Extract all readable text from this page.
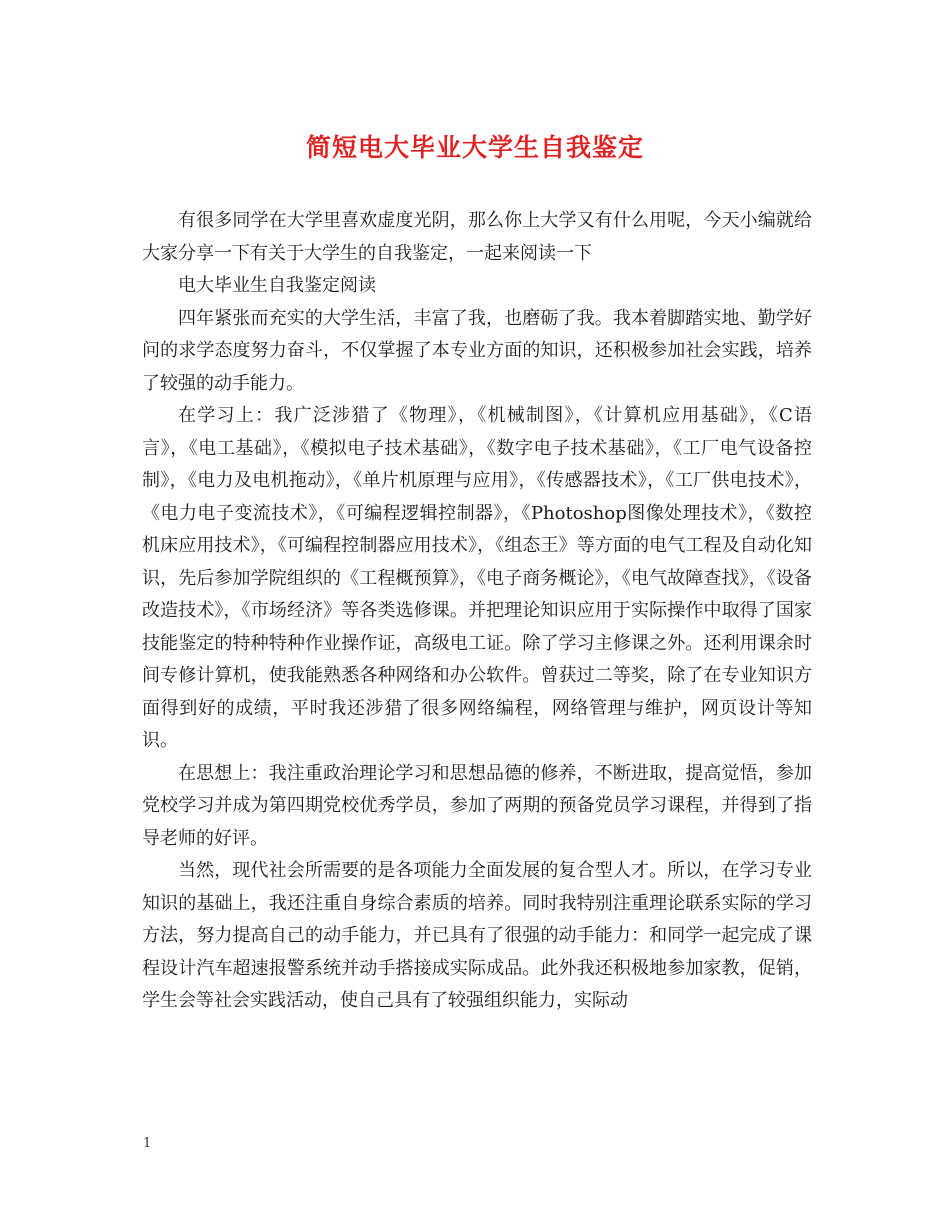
简短电大毕业大学生自我鉴定

有很多同学在大学里喜欢虚度光阴，那么你上大学又有什么用呢，今天小编就给大家分享一下有关于大学生的自我鉴定，一起来阅读一下

电大毕业生自我鉴定阅读

四年紧张而充实的大学生活，丰富了我，也磨砺了我。我本着脚踏实地、勤学好问的求学态度努力奋斗，不仅掌握了本专业方面的知识，还积极参加社会实践，培养了较强的动手能力。

在学习上：我广泛涉猎了《物理》，《机械制图》，《计算机应用基础》，《C语言》，《电工基础》，《模拟电子技术基础》，《数字电子技术基础》，《工厂电气设备控制》，《电力及电机拖动》，《单片机原理与应用》，《传感器技术》，《工厂供电技术》，《电力电子变流技术》，《可编程逻辑控制器》，《Photoshop图像处理技术》，《数控机床应用技术》，《可编程控制器应用技术》，《组态王》等方面的电气工程及自动化知识，先后参加学院组织的《工程概预算》，《电子商务概论》，《电气故障查找》，《设备改造技术》，《市场经济》等各类选修课。并把理论知识应用于实际操作中取得了国家技能鉴定的特种特种作业操作证，高级电工证。除了学习主修课之外。还利用课余时间专修计算机，使我能熟悉各种网络和办公软件。曾获过二等奖，除了在专业知识方面得到好的成绩，平时我还涉猎了很多网络编程，网络管理与维护，网页设计等知识。

在思想上：我注重政治理论学习和思想品德的修养，不断进取，提高觉悟，参加党校学习并成为第四期党校优秀学员，参加了两期的预备党员学习课程，并得到了指导老师的好评。

当然，现代社会所需要的是各项能力全面发展的复合型人才。所以，在学习专业知识的基础上，我还注重自身综合素质的培养。同时我特别注重理论联系实际的学习方法，努力提高自己的动手能力，并已具有了很强的动手能力：和同学一起完成了课程设计汽车超速报警系统并动手搭接成实际成品。此外我还积极地参加家教，促销，学生会等社会实践活动，使自己具有了较强组织能力，实际动

1
